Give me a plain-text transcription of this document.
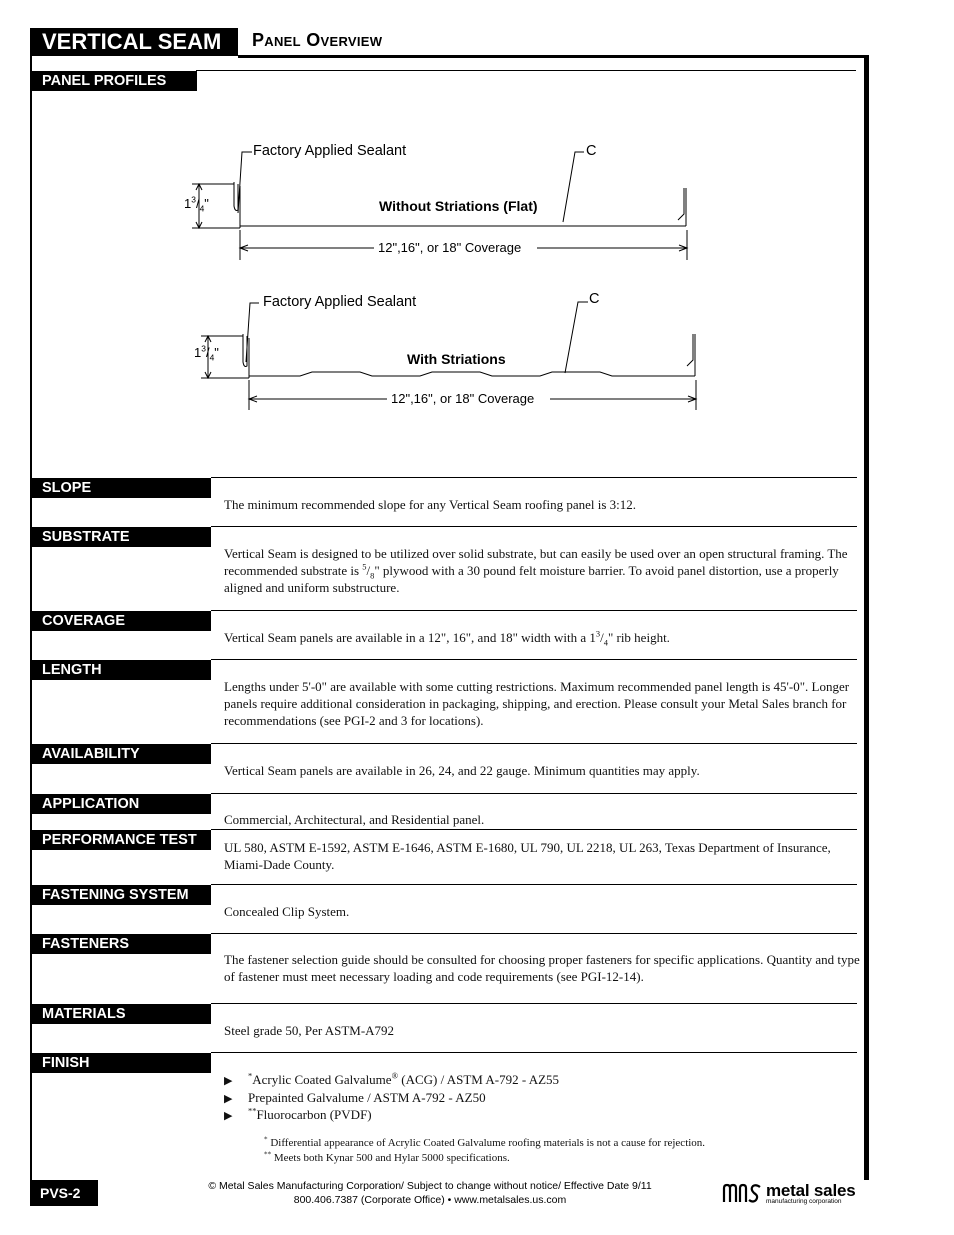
VERTICAL SEAM	Panel Overview
PANEL PROFILES
Factory Applied Sealant	C
$1^3/_4$"	Without Striations (Flat)
12",16", or 18" Coverage
Factory Applied Sealant	C
$1^3/_4$"	With Striations
12",16", or 18" Coverage
SLOPE
The minimum recommended slope for any Vertical Seam roofing panel is 3:12.
SUBSTRATE
Vertical Seam is designed to be utilized over solid substrate, but can easily be used over an open structural framing. The recommended substrate is $^5/_8$" plywood with a 30 pound felt moisture barrier. To avoid panel distortion, use a properly aligned and uniform substructure.
COVERAGE
Vertical Seam panels are available in a 12", 16", and 18" width with a $1^3/_4$" rib height.
LENGTH
Lengths under 5'-0" are available with some cutting restrictions. Maximum recommended panel length is 45'-0". Longer panels require additional consideration in packaging, shipping, and erection. Please consult your Metal Sales branch for recommendations (see PGI-2 and 3 for locations).
AVAILABILITY
Vertical Seam panels are available in 26, 24, and 22 gauge. Minimum quantities may apply.
APPLICATION
Commercial, Architectural, and Residential panel.
PERFORMANCE TEST	UL 580, ASTM E-1592, ASTM E-1646, ASTM E-1680, UL 790, UL 2218, UL 263, Texas Department of Insurance, Miami-Dade County.
FASTENING SYSTEM
Concealed Clip System.
FASTENERS
The fastener selection guide should be consulted for choosing proper fasteners for specific applications. Quantity and type of fastener must meet necessary loading and code requirements (see PGI-12-14).
MATERIALS
Steel grade 50, Per ASTM-A792
FINISH
▶	*Acrylic Coated Galvalume® (ACG) / ASTM A-792 - AZ55
▶	Prepainted Galvalume / ASTM A-792 - AZ50
▶	**Fluorocarbon (PVDF)
* Differential appearance of Acrylic Coated Galvalume roofing materials is not a cause for rejection.
** Meets both Kynar 500 and Hylar 5000 specifications.
PVS-2	© Metal Sales Manufacturing Corporation/ Subject to change without notice/ Effective Date 9/11
800.406.7387 (Corporate Office) • www.metalsales.us.com	metal sales
manufacturing corporation
